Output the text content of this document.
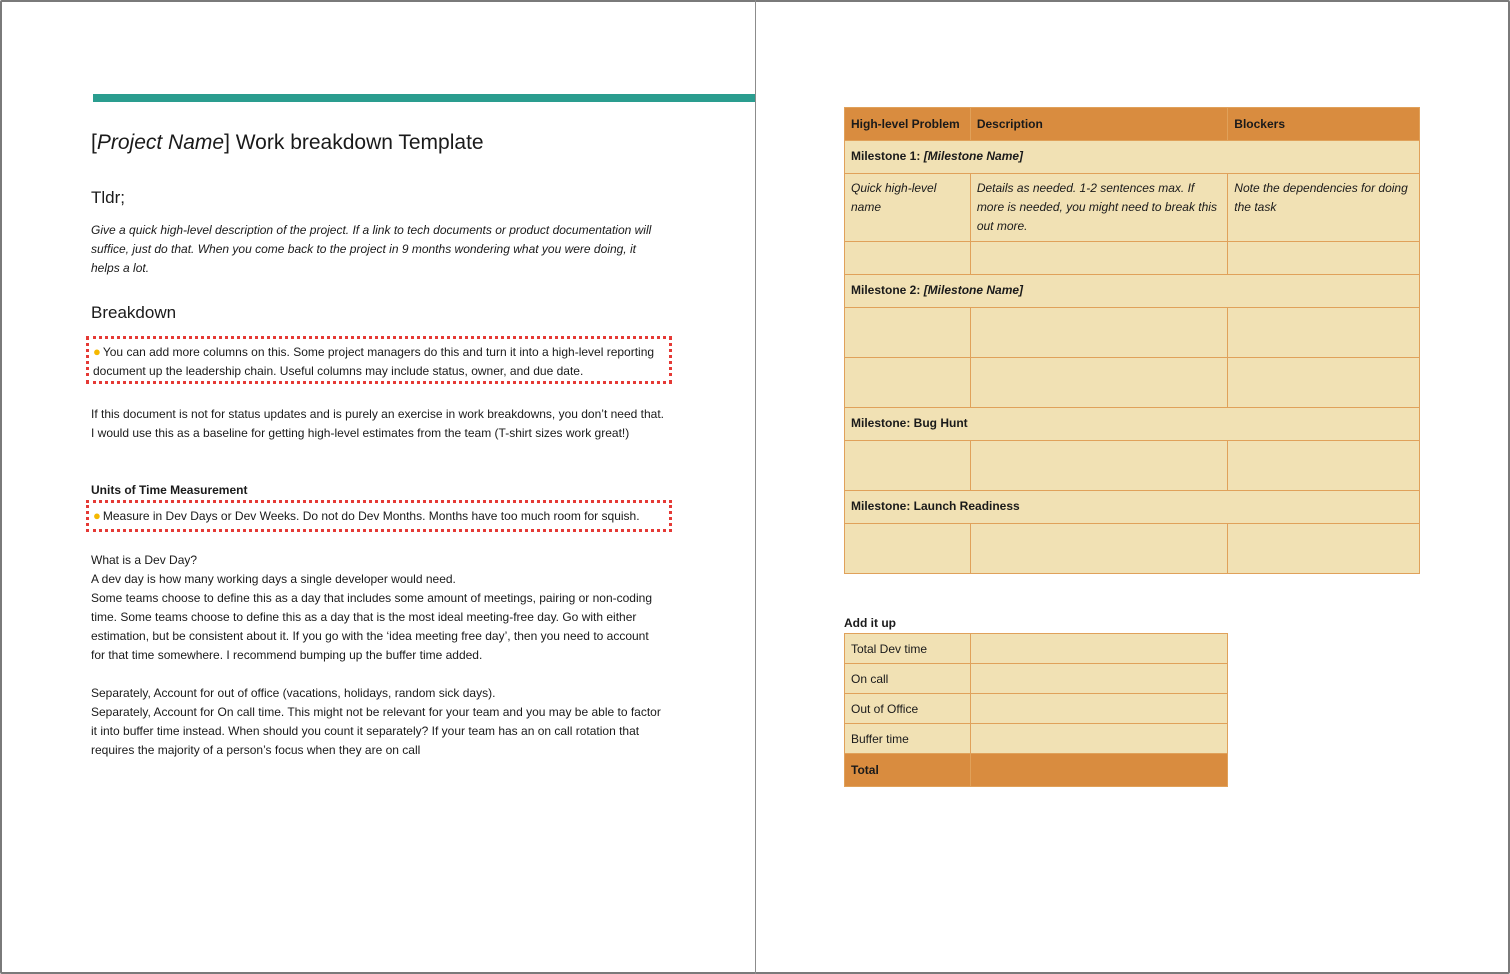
[Project Name] Work breakdown Template
Tldr;
Give a quick high-level description of the project. If a link to tech documents or product documentation will suffice, just do that. When you come back to the project in 9 months wondering what you were doing, it helps a lot.
Breakdown
● You can add more columns on this. Some project managers do this and turn it into a high-level reporting document up the leadership chain. Useful columns may include status, owner, and due date.
If this document is not for status updates and is purely an exercise in work breakdowns, you don’t need that. I would use this as a baseline for getting high-level estimates from the team (T-shirt sizes work great!)
Units of Time Measurement
● Measure in Dev Days or Dev Weeks. Do not do Dev Months. Months have too much room for squish.
What is a Dev Day?
A dev day is how many working days a single developer would need.
Some teams choose to define this as a day that includes some amount of meetings, pairing or non-coding time. Some teams choose to define this as a day that is the most ideal meeting-free day. Go with either estimation, but be consistent about it. If you go with the ‘idea meeting free day’, then you need to account for that time somewhere. I recommend bumping up the buffer time added.
Separately, Account for out of office (vacations, holidays, random sick days).
Separately, Account for On call time. This might not be relevant for your team and you may be able to factor it into buffer time instead. When should you count it separately? If your team has an on call rotation that requires the majority of a person’s focus when they are on call
High-level Problem	Description	Blockers
Milestone 1: [Milestone Name]		
Quick high-level name	Details as needed. 1-2 sentences max. If more is needed, you might need to break this out more.	Note the dependencies for doing the task

Milestone 2: [Milestone Name]		

Milestone: Bug Hunt		

Milestone: Launch Readiness		

Add it up
Total Dev time	
On call	
Out of Office	
Buffer time	
Total	
